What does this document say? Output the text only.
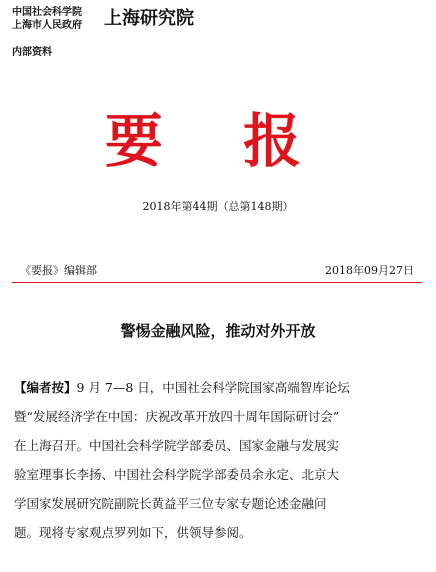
中国社会科学院
上海市人民政府 上海研究院
内部资料
要 报
2018年第44期（总第148期）
《要报》编辑部	2018年09月27日
警惕金融风险，推动对外开放
【编者按】9 月 7—8 日，中国社会科学院国家高端智库论坛
暨“发展经济学在中国：庆祝改革开放四十周年国际研讨会”
在上海召开。中国社会科学院学部委员、国家金融与发展实
验室理事长李扬、中国社会科学院学部委员余永定、北京大
学国家发展研究院副院长黄益平三位专家专题论述金融问
题。现将专家观点罗列如下，供领导参阅。
